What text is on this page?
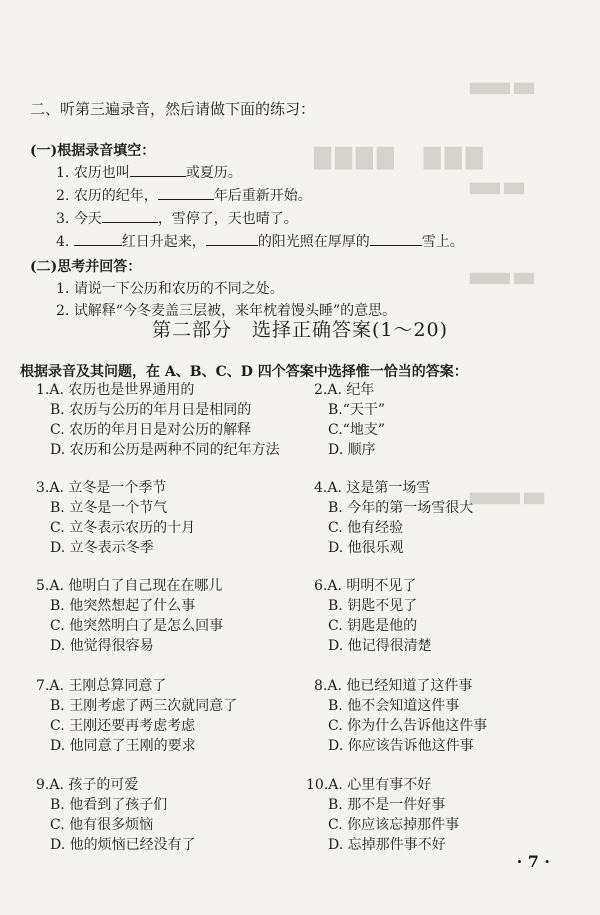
▇▇▇　▇▇▇▇
▆▆ ▆▆▆▆
▆▆ ▆▆▆
▆▆ ▆▆▆▆
▆▆ ▆▆▆▆▆
二、听第三遍录音，然后请做下面的练习：
(一)根据录音填空：
1. 农历也叫	或夏历。
2. 农历的纪年，	年后重新开始。
3. 今天	，雪停了，天也晴了。
4.	红日升起来，	的阳光照在厚厚的	雪上。
(二)思考并回答：
1. 请说一下公历和农历的不同之处。
2. 试解释“今冬麦盖三层被，来年枕着馒头睡”的意思。
第二部分　选择正确答案(1～20)
根据录音及其问题，在 A、B、C、D 四个答案中选择惟一恰当的答案：
1.A. 农历也是世界通用的
B. 农历与公历的年月日是相同的
C. 农历的年月日是对公历的解释
D. 农历和公历是两种不同的纪年方法
3.A. 立冬是一个季节
B. 立冬是一个节气
C. 立冬表示农历的十月
D. 立冬表示冬季
5.A. 他明白了自己现在在哪儿
B. 他突然想起了什么事
C. 他突然明白了是怎么回事
D. 他觉得很容易
7.A. 王刚总算同意了
B. 王刚考虑了两三次就同意了
C. 王刚还要再考虑考虑
D. 他同意了王刚的要求
9.A. 孩子的可爱
B. 他看到了孩子们
C. 他有很多烦恼
D. 他的烦恼已经没有了
2.A. 纪年
B.“天干”
C.“地支”
D. 顺序
4.A. 这是第一场雪
B. 今年的第一场雪很大
C. 他有经验
D. 他很乐观
6.A. 明明不见了
B. 钥匙不见了
C. 钥匙是他的
D. 他记得很清楚
8.A. 他已经知道了这件事
B. 他不会知道这件事
C. 你为什么告诉他这件事
D. 你应该告诉他这件事
10.A. 心里有事不好
B. 那不是一件好事
C. 你应该忘掉那件事
D. 忘掉那件事不好
· 7 ·
